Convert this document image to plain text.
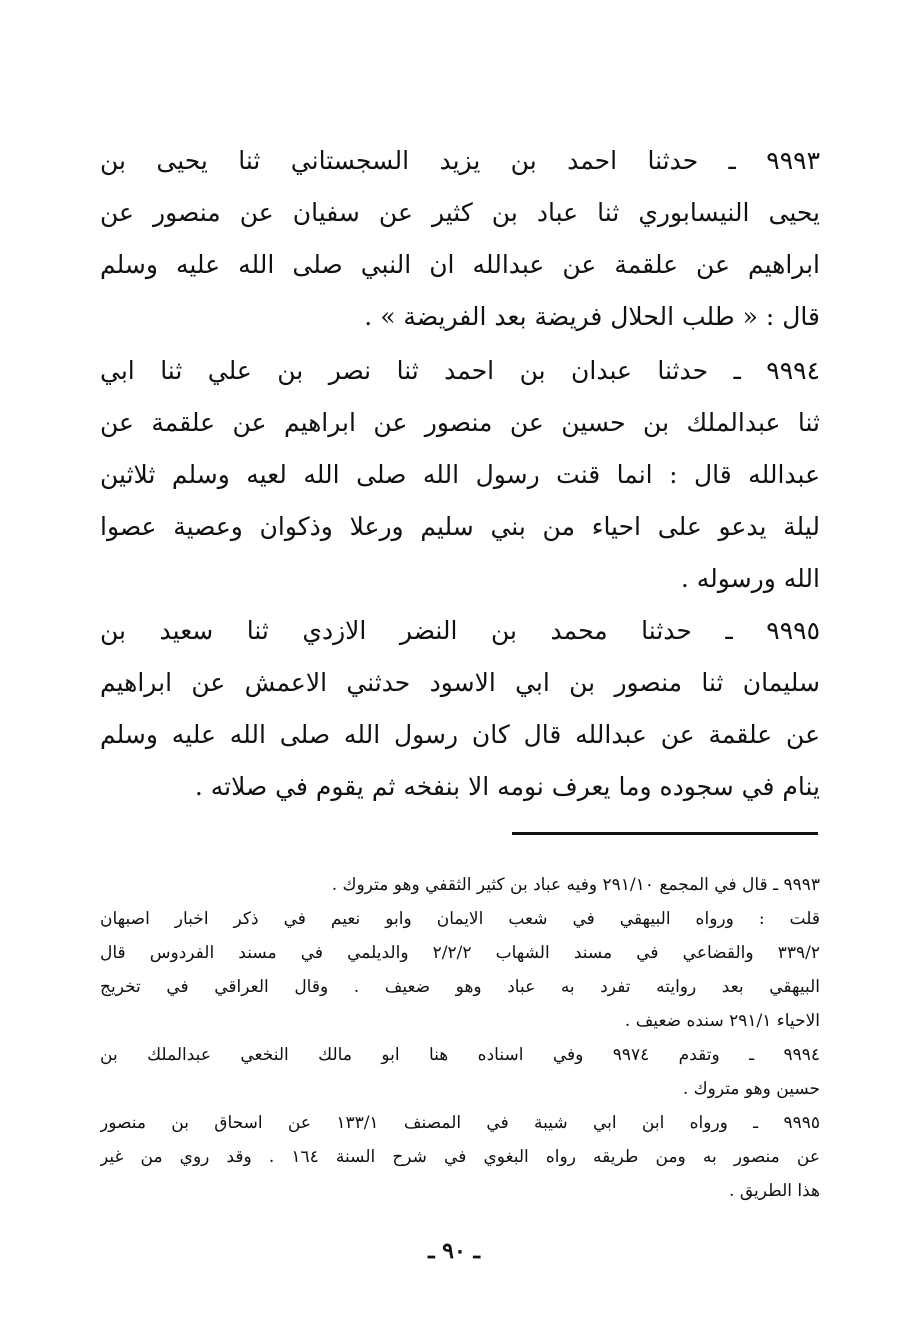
٩٩٩٣ ـ حدثنا احمد بن يزيد السجستاني ثنا يحيى بن
يحيى النيسابوري ثنا عباد بن كثير عن سفيان عن منصور عن
ابراهيم عن علقمة عن عبدالله ان النبي صلى الله عليه وسلم
قال : « طلب الحلال فريضة بعد الفريضة » .
٩٩٩٤ ـ حدثنا عبدان بن احمد ثنا نصر بن علي ثنا ابي
ثنا عبدالملك بن حسين عن منصور عن ابراهيم عن علقمة عن
عبدالله قال : انما قنت رسول الله صلى الله لعيه وسلم ثلاثين
ليلة يدعو على احياء من بني سليم ورعلا وذكوان وعصية عصوا
الله ورسوله .
٩٩٩٥ ـ حدثنا محمد بن النضر الازدي ثنا سعيد بن
سليمان ثنا منصور بن ابي الاسود حدثني الاعمش عن ابراهيم
عن علقمة عن عبدالله قال كان رسول الله صلى الله عليه وسلم
ينام في سجوده وما يعرف نومه الا بنفخه ثم يقوم في صلاته .
٩٩٩٣ ـ قال في المجمع ٢٩١/١٠ وفيه عباد بن كثير الثقفي وهو متروك .
قلت : ورواه البيهقي في شعب الايمان وابو نعيم في ذكر اخبار اصبهان
٣٣٩/٢ والقضاعي في مسند الشهاب ٢/٢/٢ والديلمي في مسند الفردوس قال
البيهقي بعد روايته تفرد به عباد وهو ضعيف . وقال العراقي في تخريج
الاحياء ٢٩١/١ سنده ضعيف .
٩٩٩٤ ـ وتقدم ٩٩٧٤ وفي اسناده هنا ابو مالك النخعي عبدالملك بن
حسين وهو متروك .
٩٩٩٥ ـ ورواه ابن ابي شيبة في المصنف ١٣٣/١ عن اسحاق بن منصور
عن منصور به ومن طريقه رواه البغوي في شرح السنة ١٦٤ . وقد روي من غير
هذا الطريق .
ـ ٩٠ ـ
